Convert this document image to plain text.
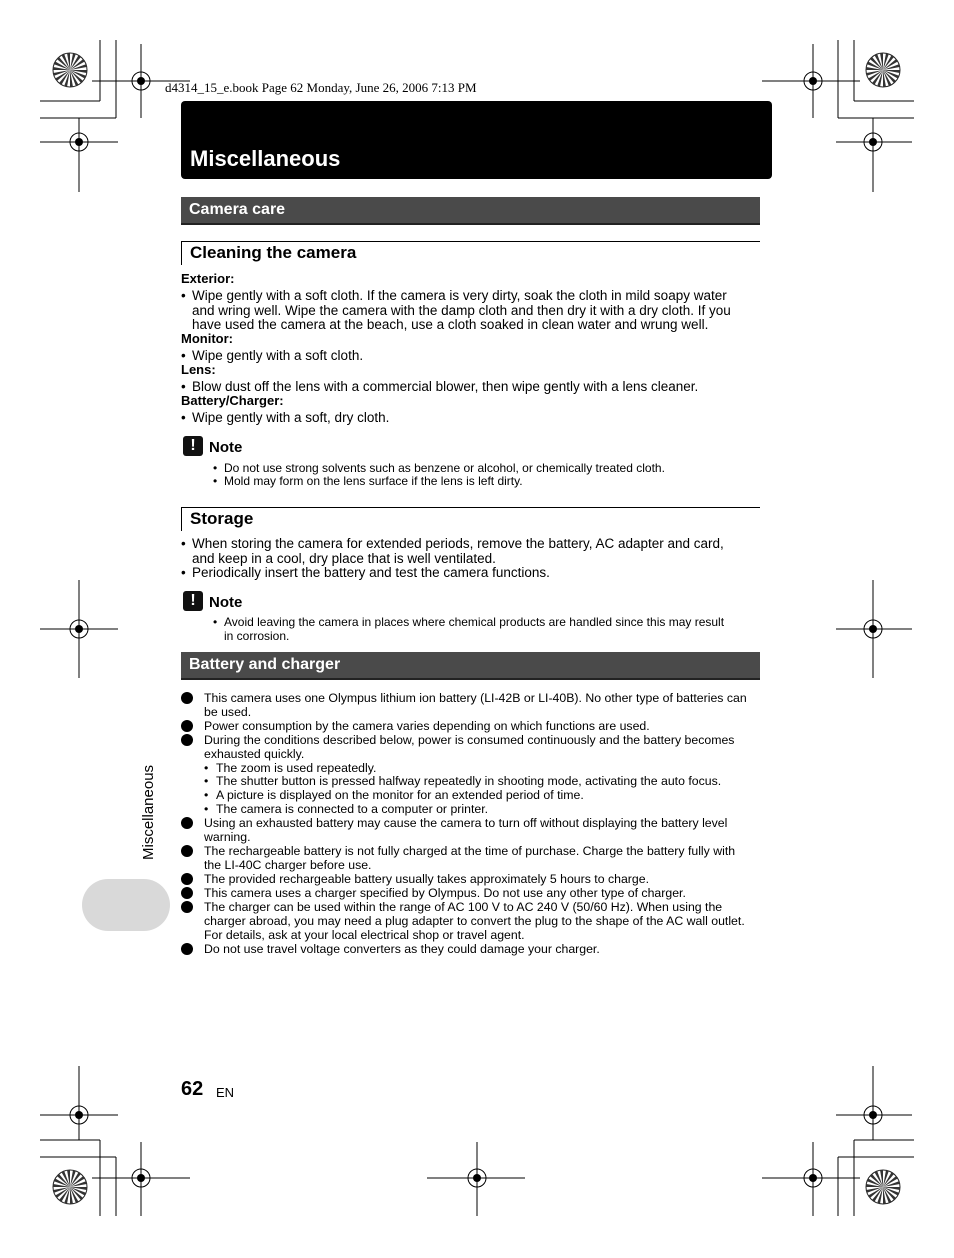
d4314_15_e.book Page 62 Monday, June 26, 2006 7:13 PM
Miscellaneous
Camera care
Cleaning the camera
Exterior:
• Wipe gently with a soft cloth. If the camera is very dirty, soak the cloth in mild soapy water
and wring well. Wipe the camera with the damp cloth and then dry it with a dry cloth. If you
have used the camera at the beach, use a cloth soaked in clean water and wrung well.
Monitor:
• Wipe gently with a soft cloth.
Lens:
• Blow dust off the lens with a commercial blower, then wipe gently with a lens cleaner.
Battery/Charger:
• Wipe gently with a soft, dry cloth.
! Note
• Do not use strong solvents such as benzene or alcohol, or chemically treated cloth.
• Mold may form on the lens surface if the lens is left dirty.
Storage
• When storing the camera for extended periods, remove the battery, AC adapter and card,
and keep in a cool, dry place that is well ventilated.
• Periodically insert the battery and test the camera functions.
! Note
• Avoid leaving the camera in places where chemical products are handled since this may result
in corrosion.
Battery and charger
This camera uses one Olympus lithium ion battery (LI-42B or LI-40B). No other type of batteries can
be used.
Power consumption by the camera varies depending on which functions are used.
During the conditions described below, power is consumed continuously and the battery becomes
exhausted quickly.
• The zoom is used repeatedly.
• The shutter button is pressed halfway repeatedly in shooting mode, activating the auto focus.
• A picture is displayed on the monitor for an extended period of time.
• The camera is connected to a computer or printer.
Using an exhausted battery may cause the camera to turn off without displaying the battery level
warning.
The rechargeable battery is not fully charged at the time of purchase. Charge the battery fully with
the LI-40C charger before use.
The provided rechargeable battery usually takes approximately 5 hours to charge.
This camera uses a charger specified by Olympus. Do not use any other type of charger.
The charger can be used within the range of AC 100 V to AC 240 V (50/60 Hz). When using the
charger abroad, you may need a plug adapter to convert the plug to the shape of the AC wall outlet.
For details, ask at your local electrical shop or travel agent.
Do not use travel voltage converters as they could damage your charger.
Miscellaneous
62 EN
